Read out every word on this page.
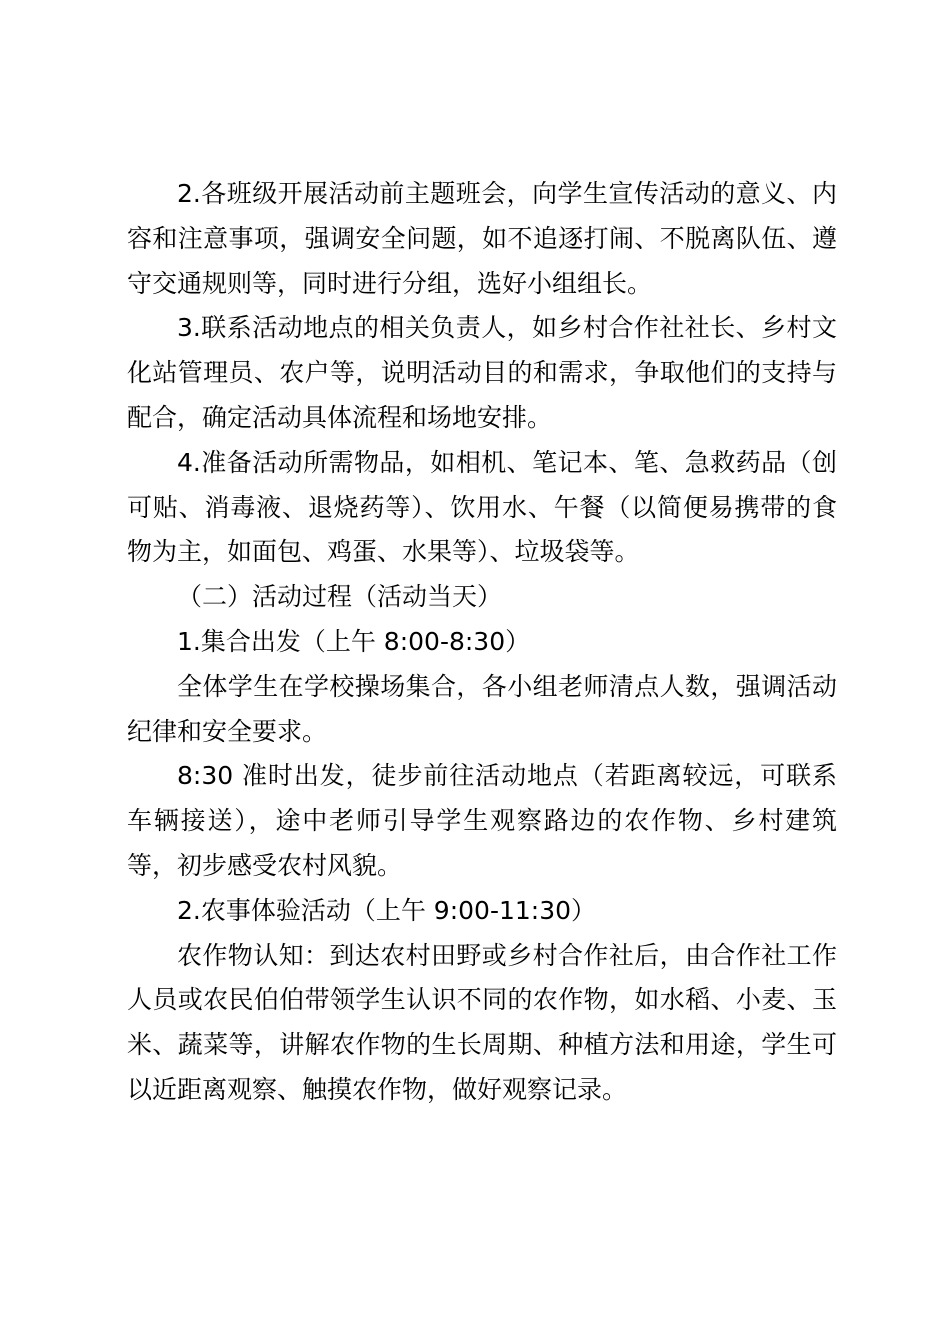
2.各班级开展活动前主题班会，向学生宣传活动的意义、内容和注意事项，强调安全问题，如不追逐打闹、不脱离队伍、遵守交通规则等，同时进行分组，选好小组组长。

3.联系活动地点的相关负责人，如乡村合作社社长、乡村文化站管理员、农户等，说明活动目的和需求，争取他们的支持与配合，确定活动具体流程和场地安排。

4.准备活动所需物品，如相机、笔记本、笔、急救药品（创可贴、消毒液、退烧药等）、饮用水、午餐（以简便易携带的食物为主，如面包、鸡蛋、水果等）、垃圾袋等。

（二）活动过程（活动当天）

1.集合出发（上午 8:00-8:30）

全体学生在学校操场集合，各小组老师清点人数，强调活动纪律和安全要求。

8:30 准时出发，徒步前往活动地点（若距离较远，可联系车辆接送），途中老师引导学生观察路边的农作物、乡村建筑等，初步感受农村风貌。

2.农事体验活动（上午 9:00-11:30）

农作物认知：到达农村田野或乡村合作社后，由合作社工作人员或农民伯伯带领学生认识不同的农作物，如水稻、小麦、玉米、蔬菜等，讲解农作物的生长周期、种植方法和用途，学生可以近距离观察、触摸农作物，做好观察记录。
